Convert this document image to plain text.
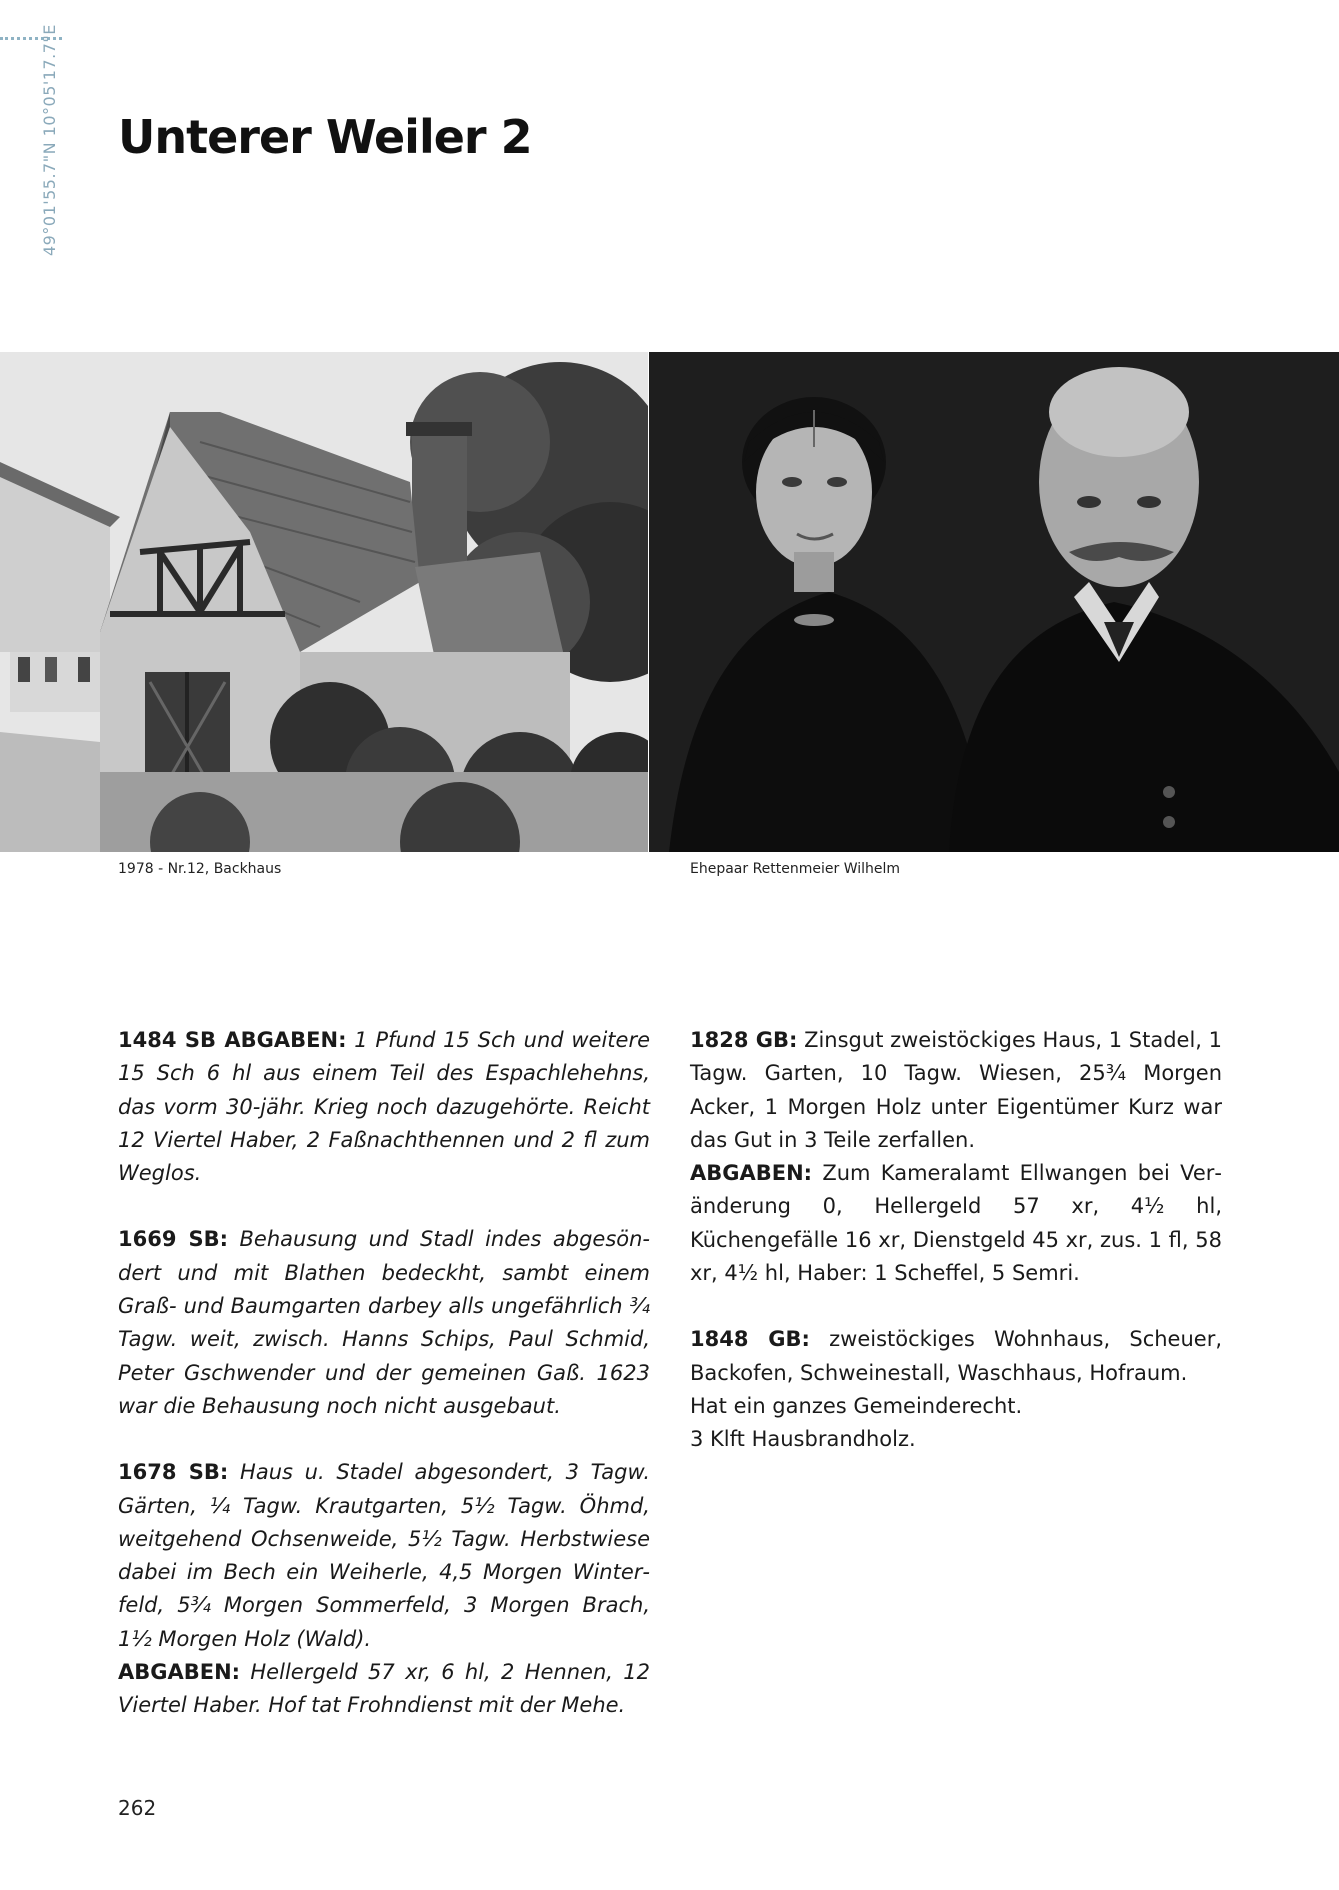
49°01'55.7"N 10°05'17.7"E Unterer Weiler 2
1978 - Nr.12, Backhaus	Ehepaar Rettenmeier Wilhelm

1484 SB ABGABEN: 1 Pfund 15 Sch und weitere 15 Sch 6 hl aus einem Teil des Espachlehehns, das vorm 30-jähr. Krieg noch dazugehörte. Reicht 12 Viertel Haber, 2 Faßnachthennen und 2 fl zum Weglos.

1669 SB: Behausung und Stadl indes abgesöndert und mit Blathen bedeckht, sambt einem Graß- und Baumgarten darbey alls ungefährlich ¾ Tagw. weit, zwisch. Hanns Schips, Paul Schmid, Peter Gschwender und der gemeinen Gaß. 1623 war die Behausung noch nicht ausgebaut.

1678 SB: Haus u. Stadel abgesondert, 3 Tagw. Gärten, ¼ Tagw. Krautgarten, 5½ Tagw. Öhmd, weitgehend Ochsenweide, 5½ Tagw. Herbstwiese dabei im Bech ein Weiherle, 4,5 Morgen Winterfeld, 5¾ Morgen Sommerfeld, 3 Morgen Brach, 1½ Morgen Holz (Wald).

ABGABEN: Hellergeld 57 xr, 6 hl, 2 Hennen, 12 Viertel Haber. Hof tat Frohndienst mit der Mehe.

1828 GB: Zinsgut zweistöckiges Haus, 1 Stadel, 1 Tagw. Garten, 10 Tagw. Wiesen, 25¾ Morgen Acker, 1 Morgen Holz unter Eigentümer Kurz war das Gut in 3 Teile zerfallen.

ABGABEN: Zum Kameralamt Ellwangen bei Veränderung 0, Hellergeld 57 xr, 4½ hl, Küchengefälle 16 xr, Dienstgeld 45 xr, zus. 1 fl, 58 xr, 4½ hl, Haber: 1 Scheffel, 5 Semri.

1848 GB: zweistöckiges Wohnhaus, Scheuer, Backofen, Schweinestall, Waschhaus, Hofraum.

Hat ein ganzes Gemeinderecht.

3 Klft Hausbrandholz.

262
